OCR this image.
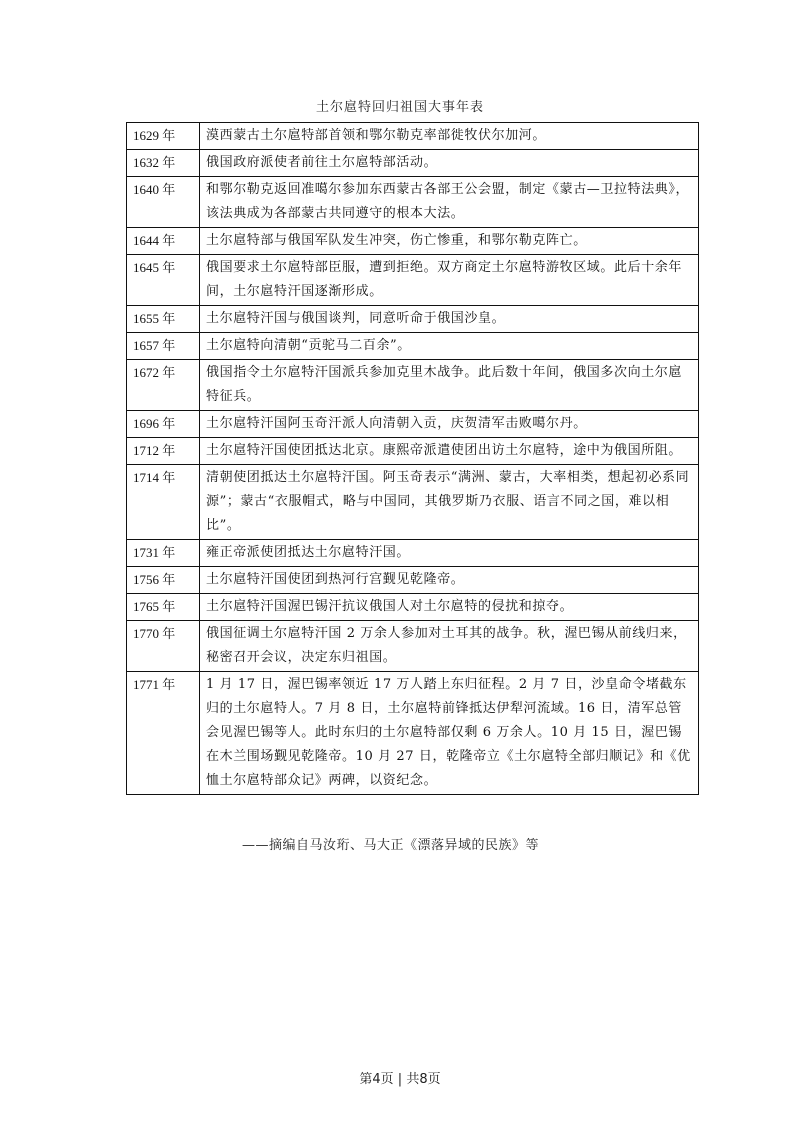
土尔扈特回归祖国大事年表
1629 年	漠西蒙古土尔扈特部首领和鄂尔勒克率部徙牧伏尔加河。
1632 年	俄国政府派使者前往土尔扈特部活动。
1640 年	和鄂尔勒克返回准噶尔参加东西蒙古各部王公会盟，制定《蒙古—卫拉特法典》，该法典成为各部蒙古共同遵守的根本大法。
1644 年	土尔扈特部与俄国军队发生冲突，伤亡惨重，和鄂尔勒克阵亡。
1645 年	俄国要求土尔扈特部臣服，遭到拒绝。双方商定土尔扈特游牧区域。此后十余年间，土尔扈特汗国逐渐形成。
1655 年	土尔扈特汗国与俄国谈判，同意听命于俄国沙皇。
1657 年	土尔扈特向清朝“贡驼马二百余”。
1672 年	俄国指令土尔扈特汗国派兵参加克里木战争。此后数十年间，俄国多次向土尔扈特征兵。
1696 年	土尔扈特汗国阿玉奇汗派人向清朝入贡，庆贺清军击败噶尔丹。
1712 年	土尔扈特汗国使团抵达北京。康熙帝派遣使团出访土尔扈特，途中为俄国所阻。
1714 年	清朝使团抵达土尔扈特汗国。阿玉奇表示“满洲、蒙古，大率相类，想起初必系同源”；蒙古“衣服帽式，略与中国同，其俄罗斯乃衣服、语言不同之国，难以相比”。
1731 年	雍正帝派使团抵达土尔扈特汗国。
1756 年	土尔扈特汗国使团到热河行宫觐见乾隆帝。
1765 年	土尔扈特汗国渥巴锡汗抗议俄国人对土尔扈特的侵扰和掠夺。
1770 年	俄国征调土尔扈特汗国 2 万余人参加对土耳其的战争。秋，渥巴锡从前线归来，秘密召开会议，决定东归祖国。
1771 年	1 月 17 日，渥巴锡率领近 17 万人踏上东归征程。2 月 7 日，沙皇命令堵截东归的土尔扈特人。7 月 8 日，土尔扈特前锋抵达伊犁河流域。16 日，清军总管会见渥巴锡等人。此时东归的土尔扈特部仅剩 6 万余人。10 月 15 日，渥巴锡在木兰围场觐见乾隆帝。10 月 27 日，乾隆帝立《土尔扈特全部归顺记》和《优恤土尔扈特部众记》两碑，以资纪念。
——摘编自马汝珩、马大正《漂落异域的民族》等
第4页 | 共8页
